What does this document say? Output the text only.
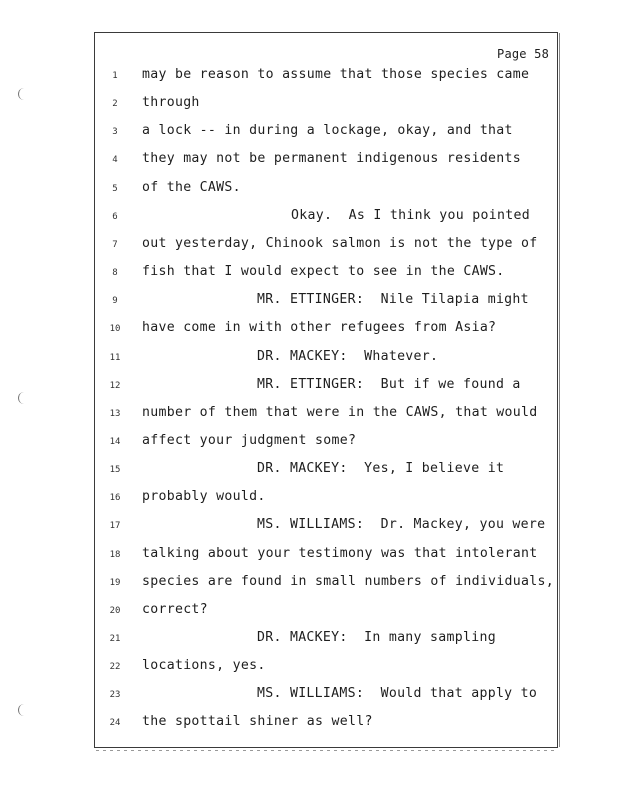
Page 58
1	may be reason to assume that those species came
2	through
3	a lock -- in during a lockage, okay, and that
4	they may not be permanent indigenous residents
5	of the CAWS.
6	Okay.  As I think you pointed
7	out yesterday, Chinook salmon is not the type of
8	fish that I would expect to see in the CAWS.
9	MR. ETTINGER:  Nile Tilapia might
10 have come in with other refugees from Asia?
11	DR. MACKEY:  Whatever.
12	MR. ETTINGER:  But if we found a
13 number of them that were in the CAWS, that would
14 affect your judgment some?
15	DR. MACKEY:  Yes, I believe it
16 probably would.
17	MS. WILLIAMS:  Dr. Mackey, you were
18 talking about your testimony was that intolerant
19 species are found in small numbers of individuals,
20 correct?
21	DR. MACKEY:  In many sampling
22 locations, yes.
23	MS. WILLIAMS:  Would that apply to
24 the spottail shiner as well?
